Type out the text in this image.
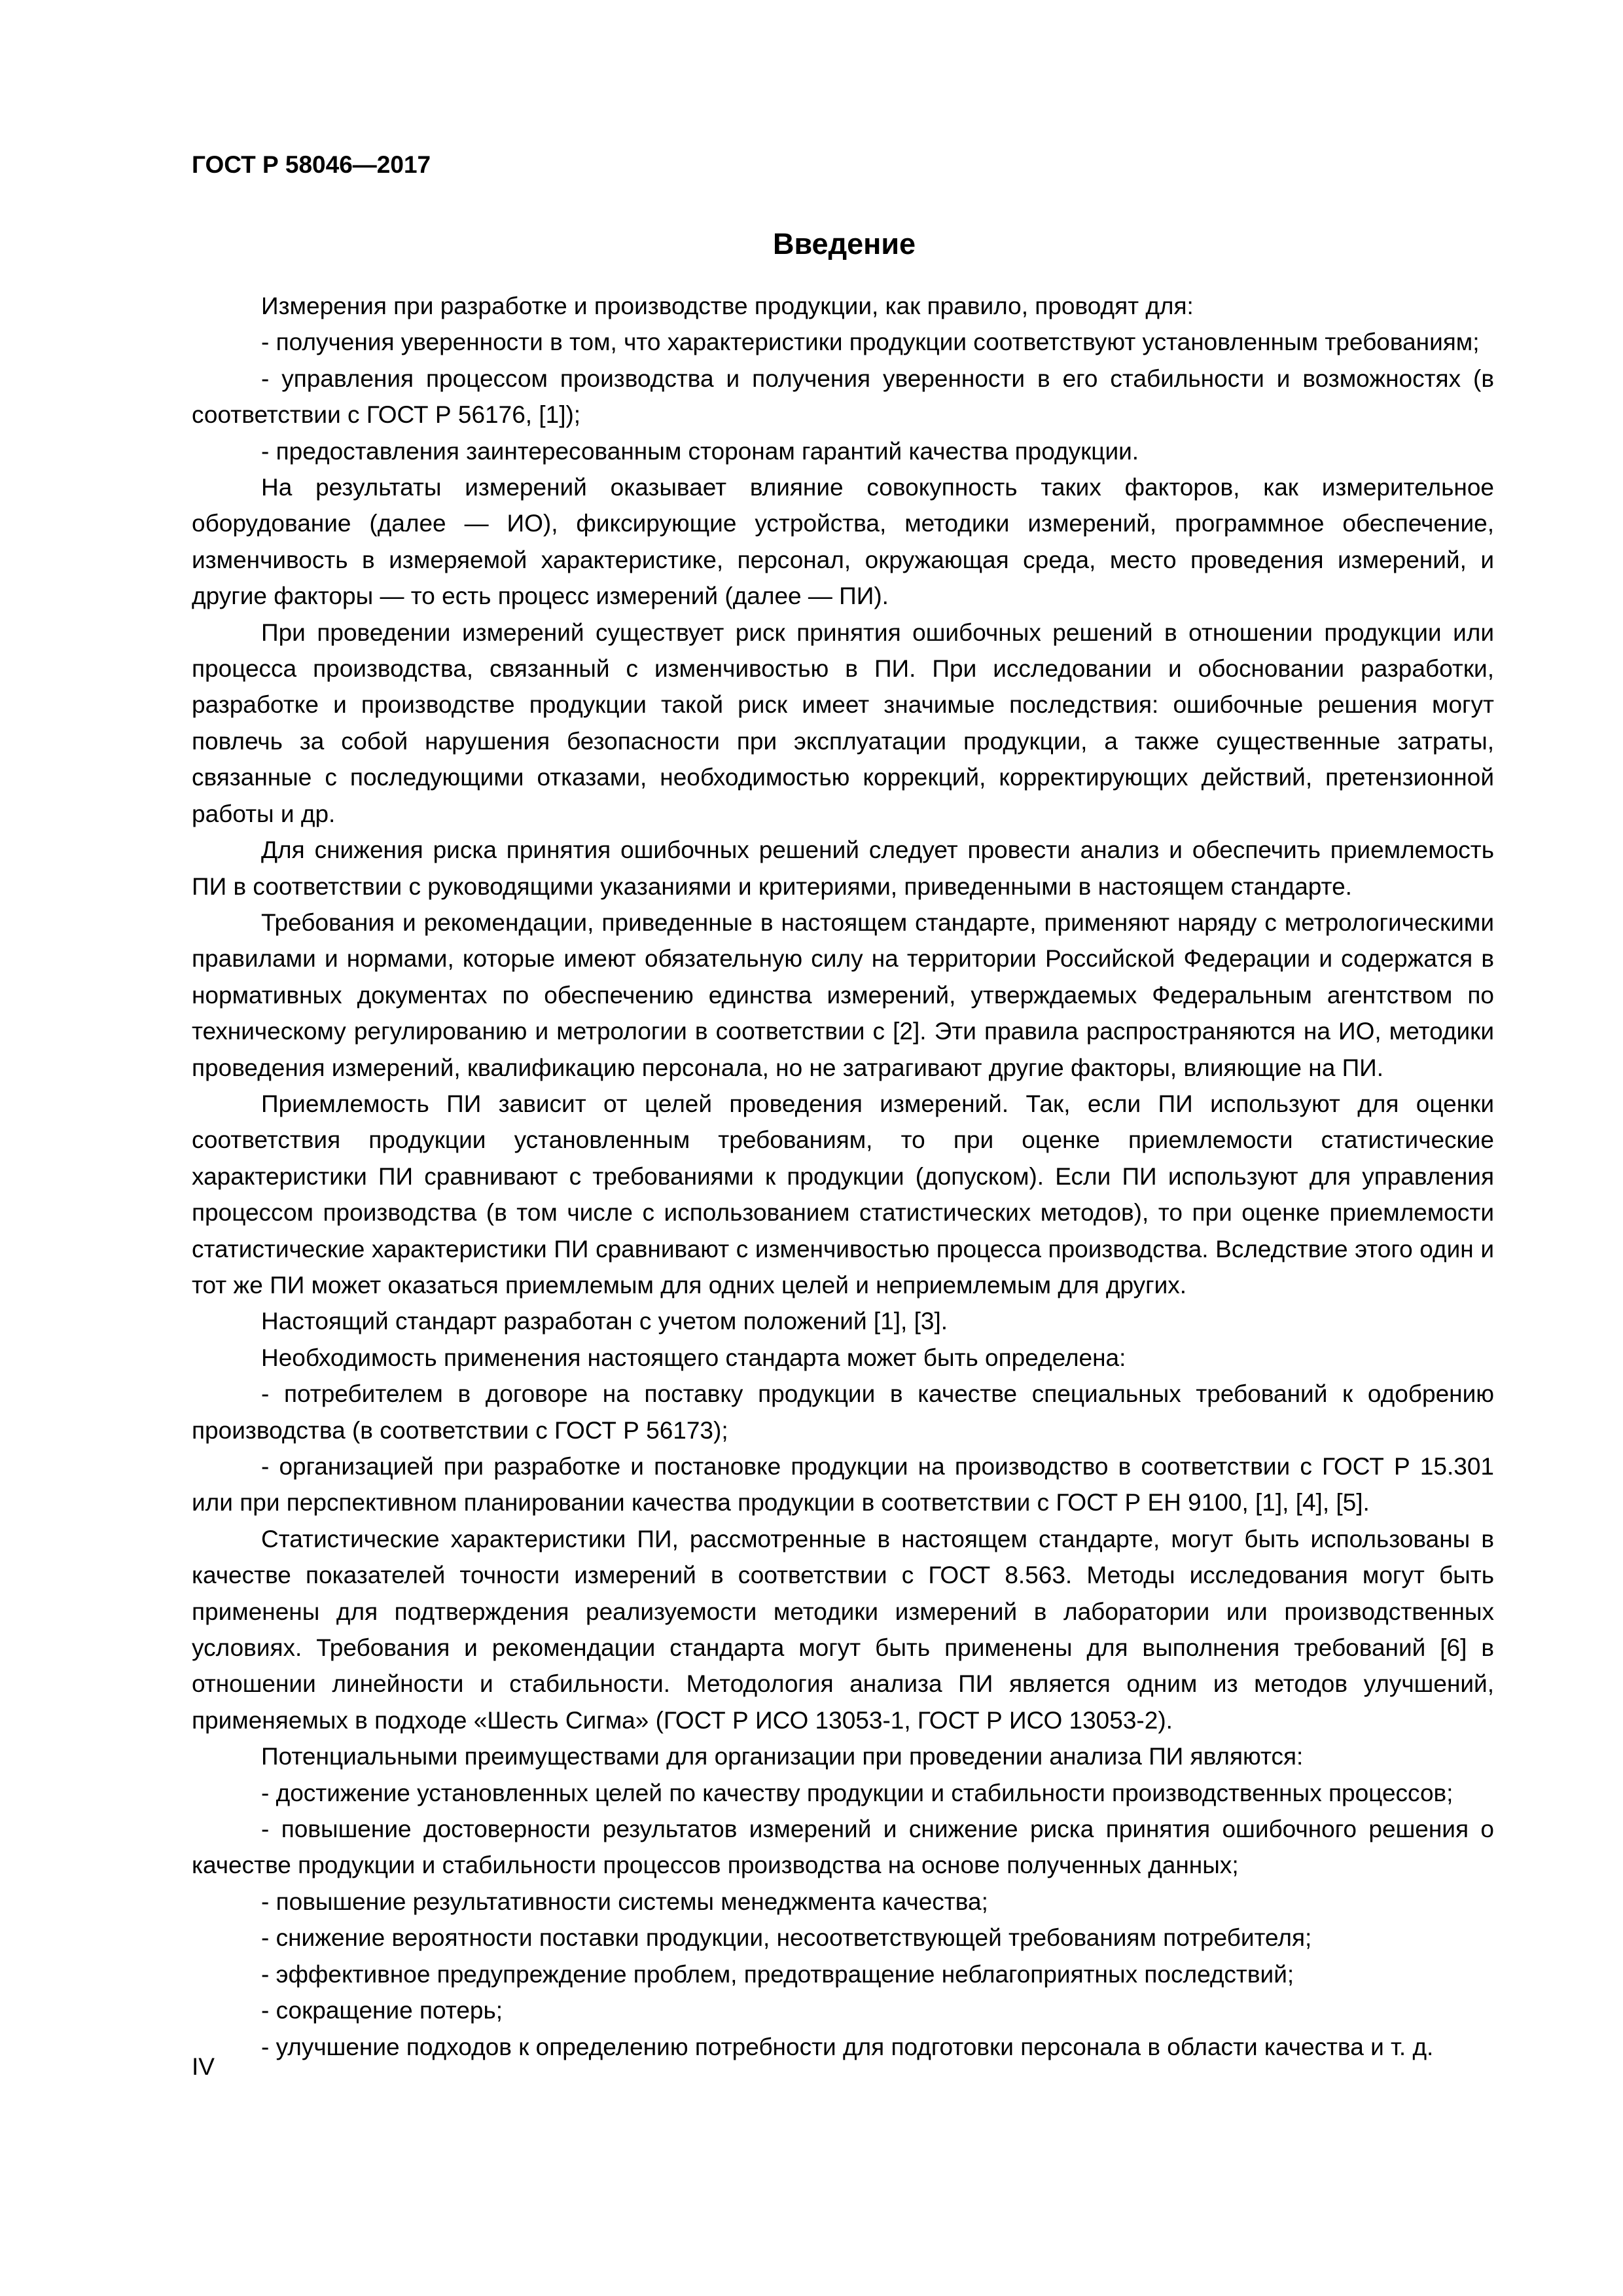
ГОСТ Р 58046—2017

Введение

Измерения при разработке и производстве продукции, как правило, проводят для:

- получения уверенности в том, что характеристики продукции соответствуют установленным требованиям;

- управления процессом производства и получения уверенности в его стабильности и возможностях (в соответствии с ГОСТ Р 56176, [1]);

- предоставления заинтересованным сторонам гарантий качества продукции.

На результаты измерений оказывает влияние совокупность таких факторов, как измерительное оборудование (далее — ИО), фиксирующие устройства, методики измерений, программное обеспечение, изменчивость в измеряемой характеристике, персонал, окружающая среда, место проведения измерений, и другие факторы — то есть процесс измерений (далее — ПИ).

При проведении измерений существует риск принятия ошибочных решений в отношении продукции или процесса производства, связанный с изменчивостью в ПИ. При исследовании и обосновании разработки, разработке и производстве продукции такой риск имеет значимые последствия: ошибочные решения могут повлечь за собой нарушения безопасности при эксплуатации продукции, а также существенные затраты, связанные с последующими отказами, необходимостью коррекций, корректирующих действий, претензионной работы и др.

Для снижения риска принятия ошибочных решений следует провести анализ и обеспечить приемлемость ПИ в соответствии с руководящими указаниями и критериями, приведенными в настоящем стандарте.

Требования и рекомендации, приведенные в настоящем стандарте, применяют наряду с метрологическими правилами и нормами, которые имеют обязательную силу на территории Российской Федерации и содержатся в нормативных документах по обеспечению единства измерений, утверждаемых Федеральным агентством по техническому регулированию и метрологии в соответствии с [2]. Эти правила распространяются на ИО, методики проведения измерений, квалификацию персонала, но не затрагивают другие факторы, влияющие на ПИ.

Приемлемость ПИ зависит от целей проведения измерений. Так, если ПИ используют для оценки соответствия продукции установленным требованиям, то при оценке приемлемости статистические характеристики ПИ сравнивают с требованиями к продукции (допуском). Если ПИ используют для управления процессом производства (в том числе с использованием статистических методов), то при оценке приемлемости статистические характеристики ПИ сравнивают с изменчивостью процесса производства. Вследствие этого один и тот же ПИ может оказаться приемлемым для одних целей и неприемлемым для других.

Настоящий стандарт разработан с учетом положений [1], [3].

Необходимость применения настоящего стандарта может быть определена:

- потребителем в договоре на поставку продукции в качестве специальных требований к одобрению производства (в соответствии с ГОСТ Р 56173);

- организацией при разработке и постановке продукции на производство в соответствии с ГОСТ Р 15.301 или при перспективном планировании качества продукции в соответствии с ГОСТ Р ЕН 9100, [1], [4], [5].

Статистические характеристики ПИ, рассмотренные в настоящем стандарте, могут быть использованы в качестве показателей точности измерений в соответствии с ГОСТ 8.563. Методы исследования могут быть применены для подтверждения реализуемости методики измерений в лаборатории или производственных условиях. Требования и рекомендации стандарта могут быть применены для выполнения требований [6] в отношении линейности и стабильности. Методология анализа ПИ является одним из методов улучшений, применяемых в подходе «Шесть Сигма» (ГОСТ Р ИСО 13053-1, ГОСТ Р ИСО 13053-2).

Потенциальными преимуществами для организации при проведении анализа ПИ являются:

- достижение установленных целей по качеству продукции и стабильности производственных процессов;

- повышение достоверности результатов измерений и снижение риска принятия ошибочного решения о качестве продукции и стабильности процессов производства на основе полученных данных;

- повышение результативности системы менеджмента качества;

- снижение вероятности поставки продукции, несоответствующей требованиям потребителя;

- эффективное предупреждение проблем, предотвращение неблагоприятных последствий;

- сокращение потерь;

- улучшение подходов к определению потребности для подготовки персонала в области качества и т. д.

IV
